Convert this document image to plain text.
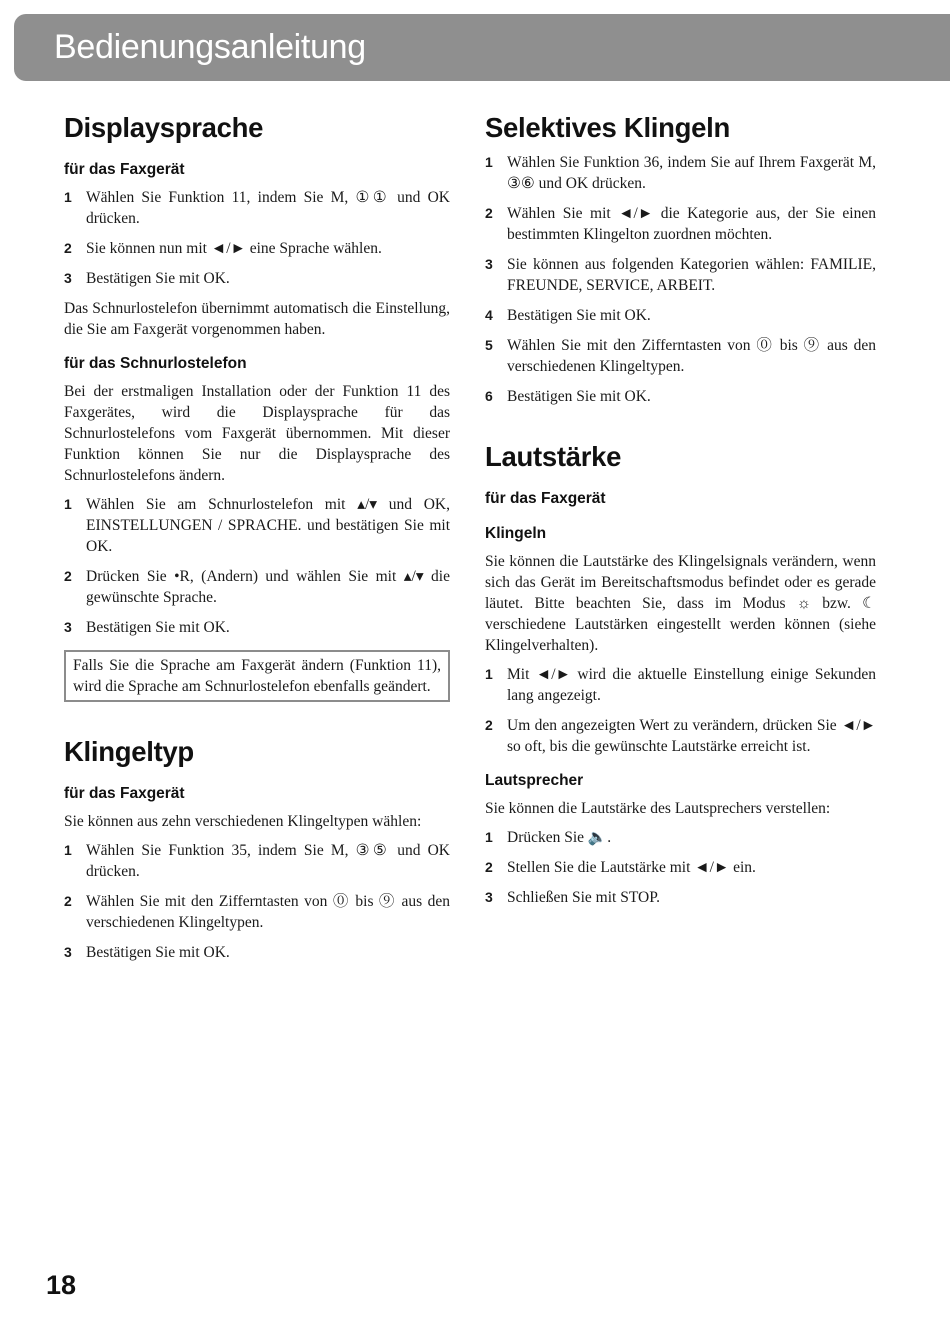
Bedienungsanleitung
Displaysprache
für das Faxgerät
1 Wählen Sie Funktion 11, indem Sie M, ①① und OK drücken.
2 Sie können nun mit ◄/► eine Sprache wählen.
3 Bestätigen Sie mit OK.

Das Schnurlostelefon übernimmt automatisch die Einstellung, die Sie am Faxgerät vorgenommen haben.

für das Schnurlostelefon

Bei der erstmaligen Installation oder der Funktion 11 des Faxgerätes, wird die Displaysprache für das Schnurlostelefons vom Faxgerät übernommen. Mit dieser Funktion können Sie nur die Displaysprache des Schnurlostelefons ändern.

1 Wählen Sie am Schnurlostelefon mit ▴/▾ und OK, EINSTELLUNGEN / SPRACHE. und bestätigen Sie mit OK.
2 Drücken Sie •R, (Andern) und wählen Sie mit ▴/▾ die gewünschte Sprache.
3 Bestätigen Sie mit OK.
Falls Sie die Sprache am Faxgerät ändern (Funktion 11), wird die Sprache am Schnurlostelefon ebenfalls geändert.
Klingeltyp
für das Faxgerät

Sie können aus zehn verschiedenen Klingeltypen wählen:

1 Wählen Sie Funktion 35, indem Sie M, ③⑤ und OK drücken.
2 Wählen Sie mit den Zifferntasten von ⓪ bis ⑨ aus den verschiedenen Klingeltypen.
3 Bestätigen Sie mit OK.
Selektives Klingeln
1 Wählen Sie Funktion 36, indem Sie auf Ihrem Faxgerät M, ③⑥ und OK drücken.
2 Wählen Sie mit ◄/► die Kategorie aus, der Sie einen bestimmten Klingelton zuordnen möchten.
3 Sie können aus folgenden Kategorien wählen: FAMILIE, FREUNDE, SERVICE, ARBEIT.
4 Bestätigen Sie mit OK.
5 Wählen Sie mit den Zifferntasten von ⓪ bis ⑨ aus den verschiedenen Klingeltypen.
6 Bestätigen Sie mit OK.
Lautstärke
für das Faxgerät
Klingeln

Sie können die Lautstärke des Klingelsignals verändern, wenn sich das Gerät im Bereitschaftsmodus befindet oder es gerade läutet. Bitte beachten Sie, dass im Modus ☼ bzw. ☾ verschiedene Lautstärken eingestellt werden können (siehe Klingelverhalten).

1 Mit ◄/► wird die aktuelle Einstellung einige Sekunden lang angezeigt.
2 Um den angezeigten Wert zu verändern, drücken Sie ◄/► so oft, bis die gewünschte Lautstärke erreicht ist.
Lautsprecher

Sie können die Lautstärke des Lautsprechers verstellen:

1 Drücken Sie 🔈.
2 Stellen Sie die Lautstärke mit ◄/► ein.
3 Schließen Sie mit STOP.
18
